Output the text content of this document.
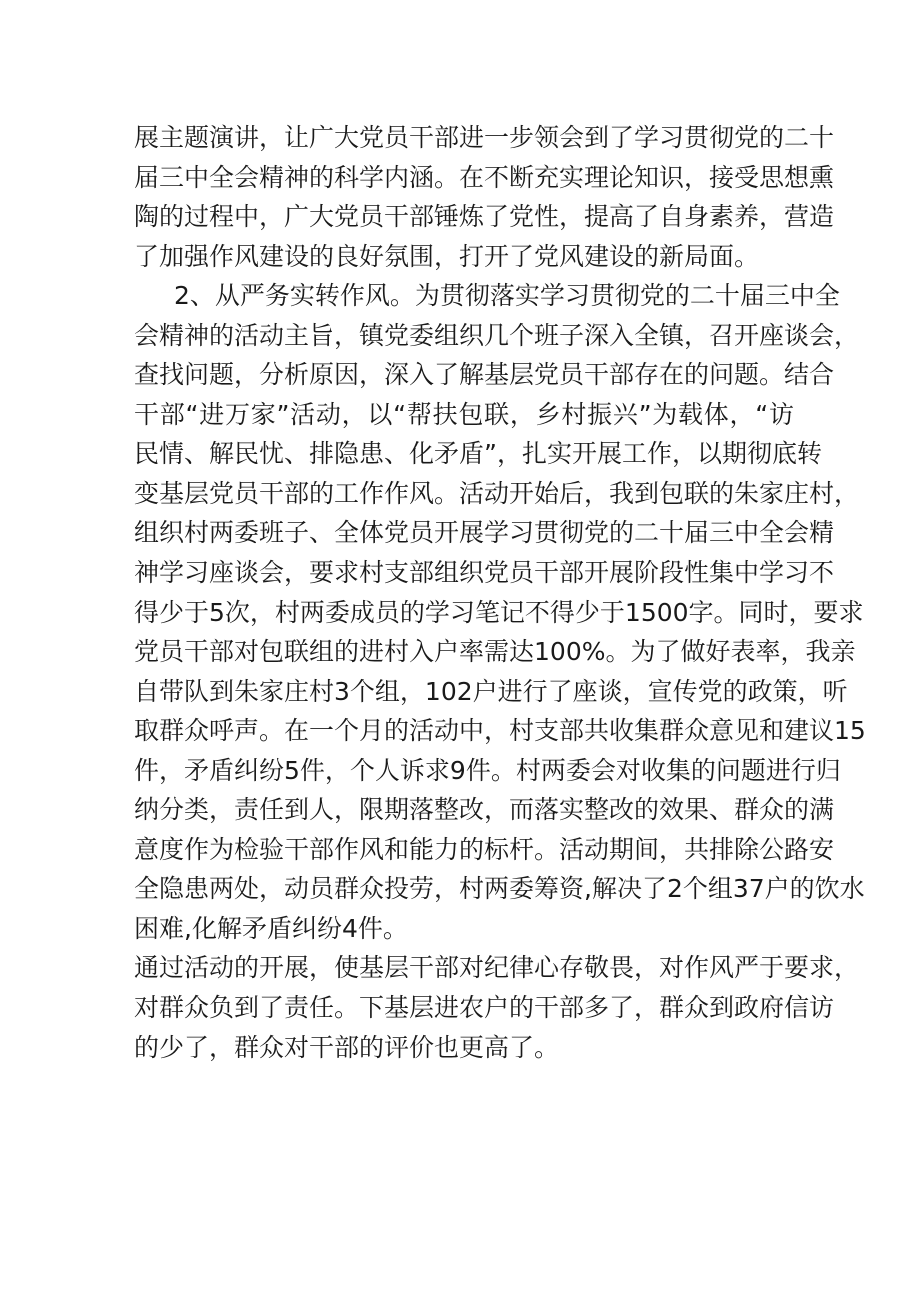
展主题演讲，让广大党员干部进一步领会到了学习贯彻党的二十
届三中全会精神的科学内涵。在不断充实理论知识，接受思想熏
陶的过程中，广大党员干部锤炼了党性，提高了自身素养，营造
了加强作风建设的良好氛围，打开了党风建设的新局面。
2、从严务实转作风。为贯彻落实学习贯彻党的二十届三中全
会精神的活动主旨，镇党委组织几个班子深入全镇，召开座谈会，
查找问题，分析原因，深入了解基层党员干部存在的问题。结合
干部“进万家”活动，以“帮扶包联，乡村振兴”为载体，“访
民情、解民忧、排隐患、化矛盾”，扎实开展工作，以期彻底转
变基层党员干部的工作作风。活动开始后，我到包联的朱家庄村，
组织村两委班子、全体党员开展学习贯彻党的二十届三中全会精
神学习座谈会，要求村支部组织党员干部开展阶段性集中学习不
得少于5次，村两委成员的学习笔记不得少于1500字。同时，要求
党员干部对包联组的进村入户率需达100%。为了做好表率，我亲
自带队到朱家庄村3个组，102户进行了座谈，宣传党的政策，听
取群众呼声。在一个月的活动中，村支部共收集群众意见和建议15
件，矛盾纠纷5件，个人诉求9件。村两委会对收集的问题进行归
纳分类，责任到人，限期落整改，而落实整改的效果、群众的满
意度作为检验干部作风和能力的标杆。活动期间，共排除公路安
全隐患两处，动员群众投劳，村两委筹资,解决了2个组37户的饮水
困难,化解矛盾纠纷4件。
通过活动的开展，使基层干部对纪律心存敬畏，对作风严于要求，
对群众负到了责任。下基层进农户的干部多了，群众到政府信访
的少了，群众对干部的评价也更高了。
